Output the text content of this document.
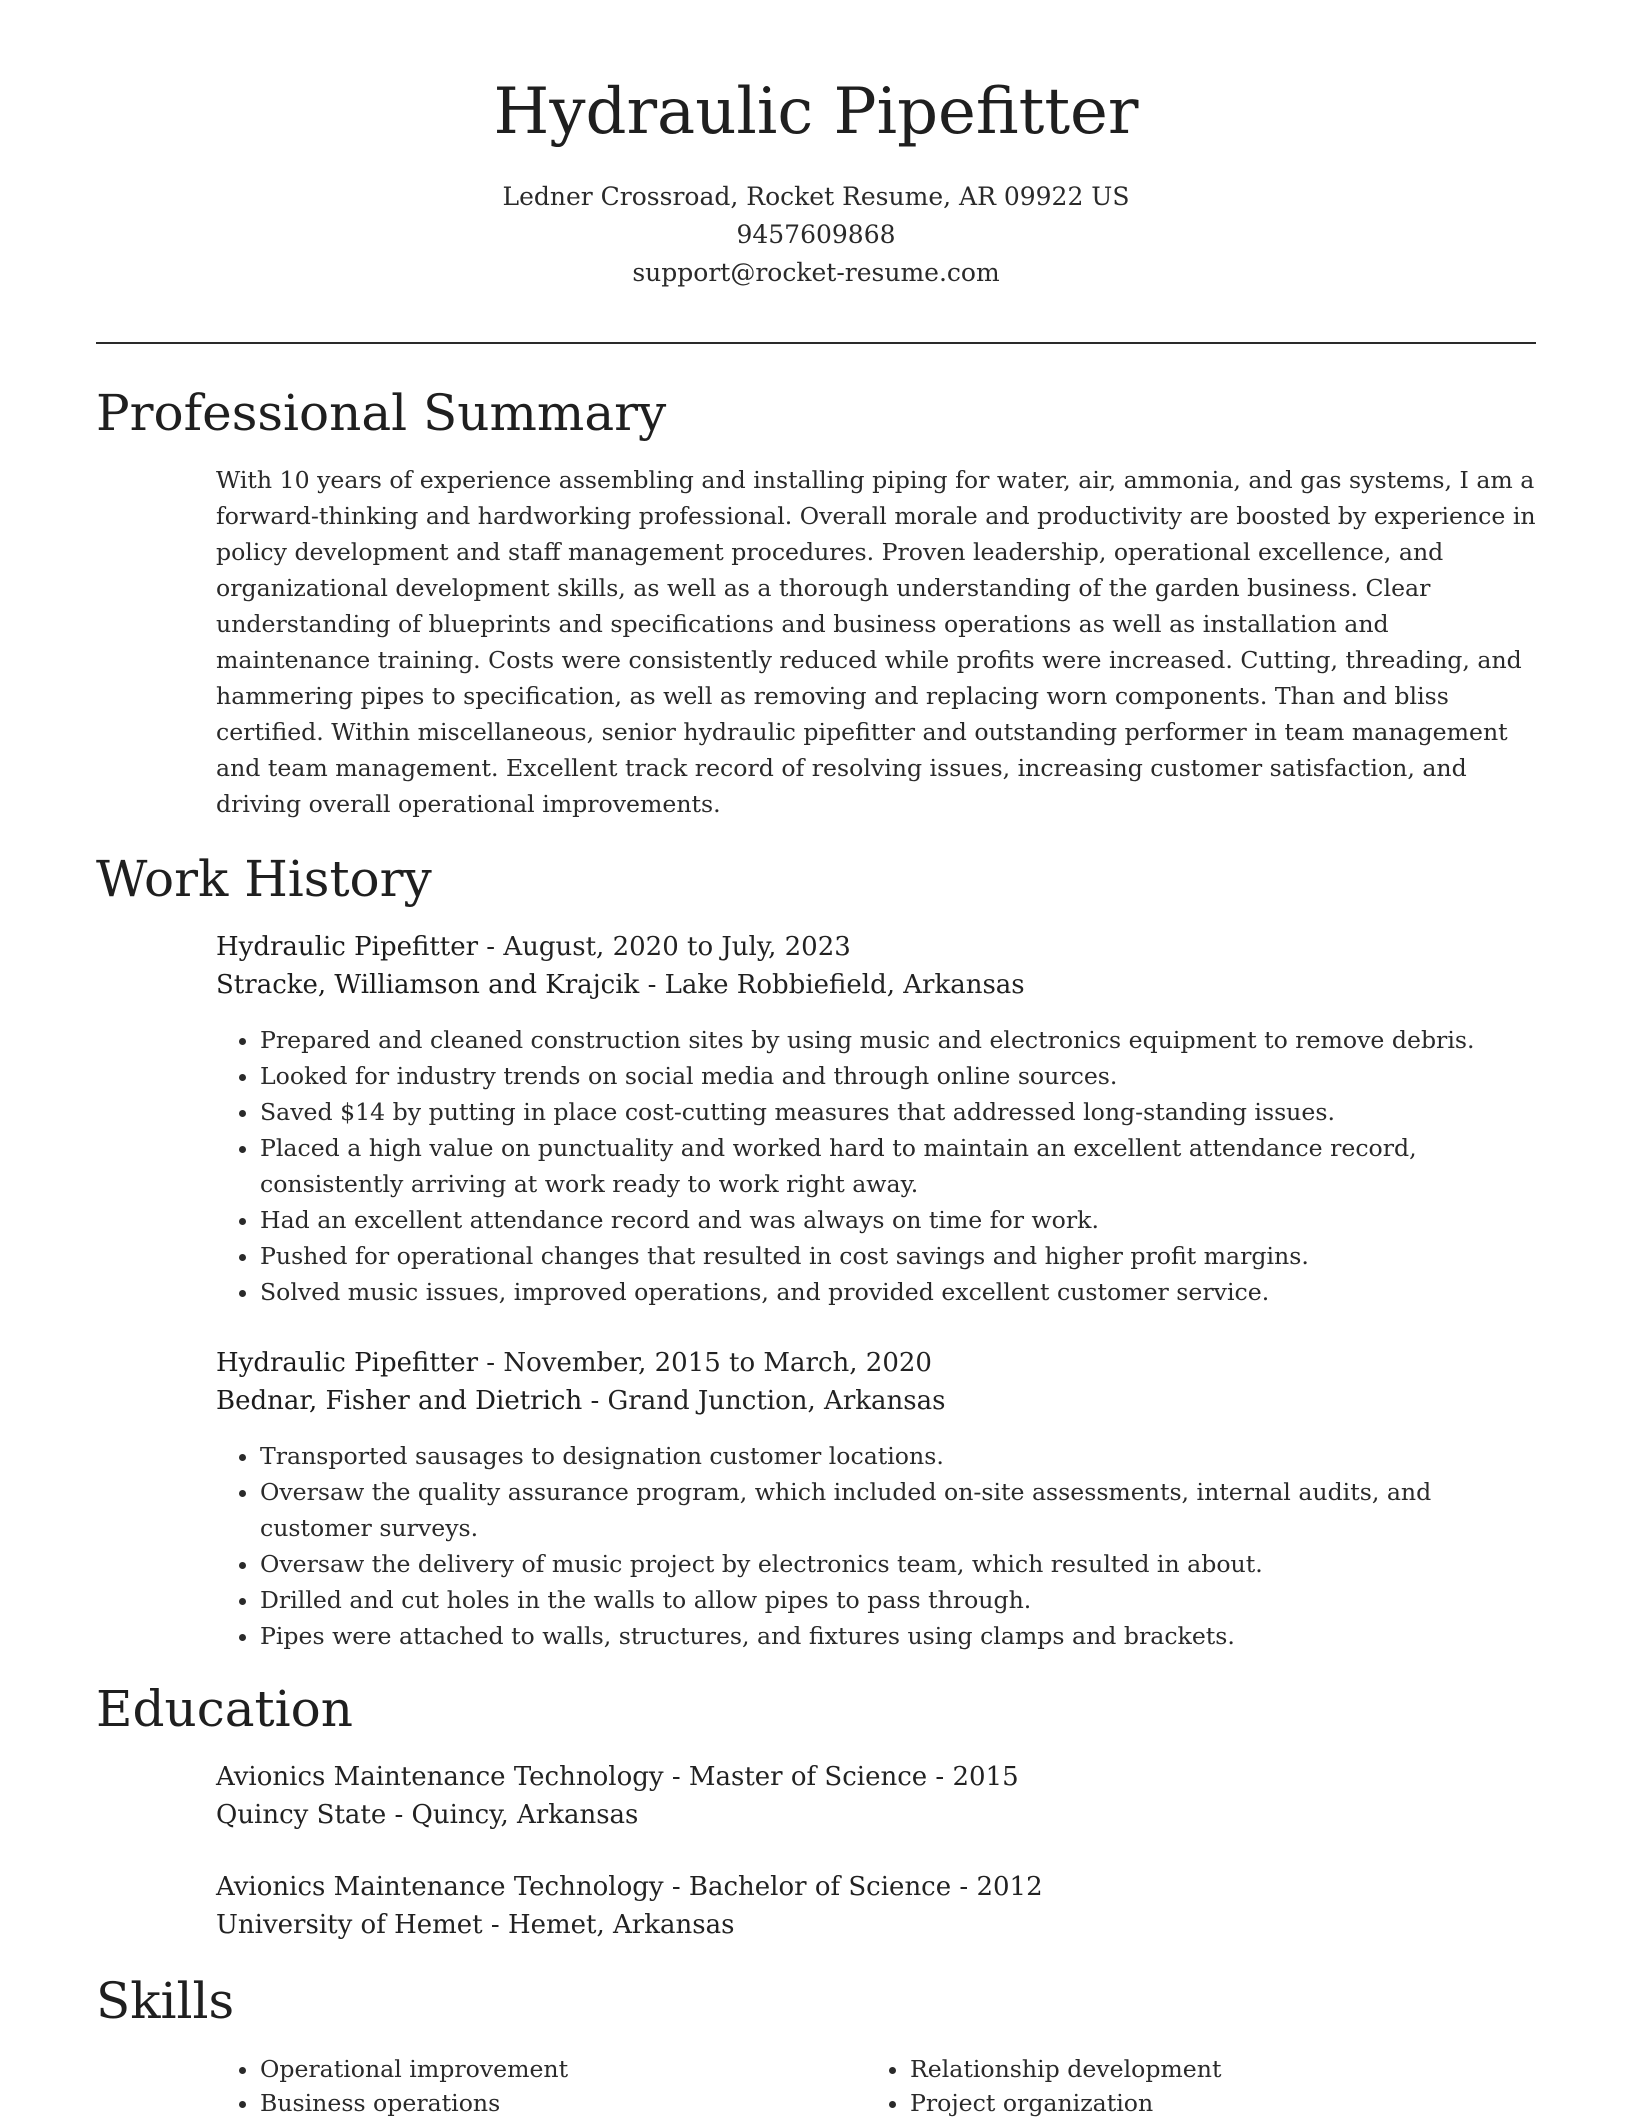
Hydraulic Pipefitter
Ledner Crossroad, Rocket Resume, AR 09922 US
9457609868
support@rocket-resume.com
Professional Summary

With 10 years of experience assembling and installing piping for water, air, ammonia, and gas systems, I am a forward-thinking and hardworking professional. Overall morale and productivity are boosted by experience in policy development and staff management procedures. Proven leadership, operational excellence, and organizational development skills, as well as a thorough understanding of the garden business. Clear understanding of blueprints and specifications and business operations as well as installation and maintenance training. Costs were consistently reduced while profits were increased. Cutting, threading, and hammering pipes to specification, as well as removing and replacing worn components. Than and bliss certified. Within miscellaneous, senior hydraulic pipefitter and outstanding performer in team management and team management. Excellent track record of resolving issues, increasing customer satisfaction, and driving overall operational improvements.

Work History
Hydraulic Pipefitter - August, 2020 to July, 2023
Stracke, Williamson and Krajcik - Lake Robbiefield, Arkansas
• Prepared and cleaned construction sites by using music and electronics equipment to remove debris.
• Looked for industry trends on social media and through online sources.
• Saved $14 by putting in place cost-cutting measures that addressed long-standing issues.
• Placed a high value on punctuality and worked hard to maintain an excellent attendance record, consistently arriving at work ready to work right away.
• Had an excellent attendance record and was always on time for work.
• Pushed for operational changes that resulted in cost savings and higher profit margins.
• Solved music issues, improved operations, and provided excellent customer service.
Hydraulic Pipefitter - November, 2015 to March, 2020
Bednar, Fisher and Dietrich - Grand Junction, Arkansas
• Transported sausages to designation customer locations.
• Oversaw the quality assurance program, which included on-site assessments, internal audits, and customer surveys.
• Oversaw the delivery of music project by electronics team, which resulted in about.
• Drilled and cut holes in the walls to allow pipes to pass through.
• Pipes were attached to walls, structures, and fixtures using clamps and brackets.
Education
Avionics Maintenance Technology - Master of Science - 2015
Quincy State - Quincy, Arkansas
Avionics Maintenance Technology - Bachelor of Science - 2012
University of Hemet - Hemet, Arkansas
Skills
• Operational improvement
• Business operations
• Relationship development
• Project organization
